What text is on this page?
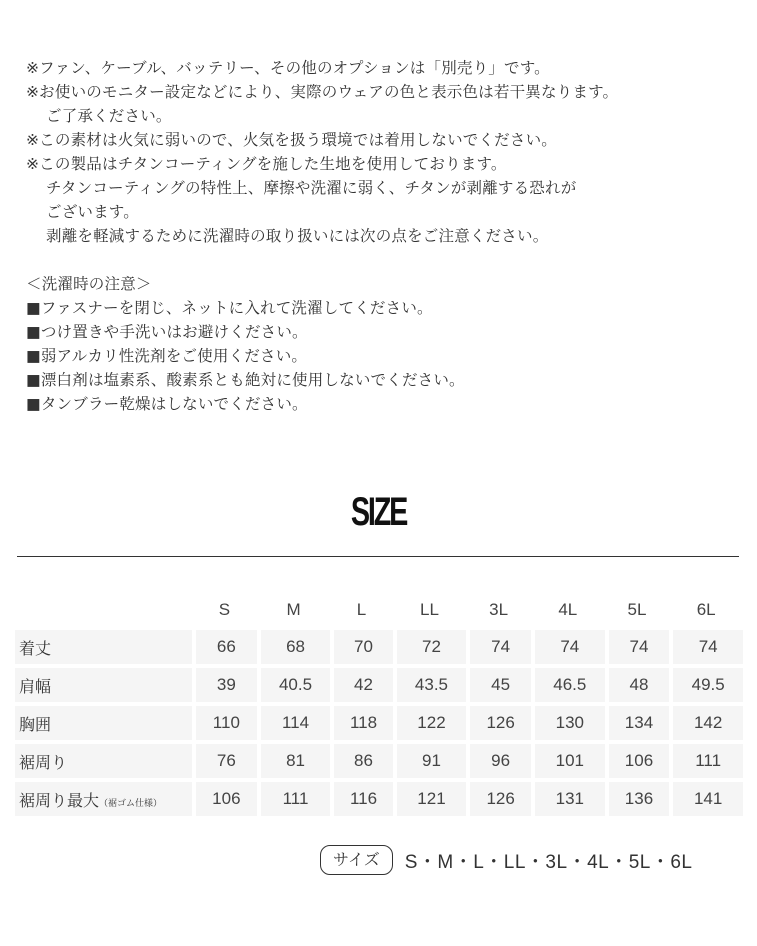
※ファン、ケーブル、バッテリー、その他のオプションは「別売り」です。
※お使いのモニター設定などにより、実際のウェアの色と表示色は若干異なります。
ご了承ください。
※この素材は火気に弱いので、火気を扱う環境では着用しないでください。
※この製品はチタンコーティングを施した生地を使用しております。
チタンコーティングの特性上、摩擦や洗濯に弱く、チタンが剥離する恐れが
ございます。
剥離を軽減するために洗濯時の取り扱いには次の点をご注意ください。
＜洗濯時の注意＞
■ファスナーを閉じ、ネットに入れて洗濯してください。
■つけ置きや手洗いはお避けください。
■弱アルカリ性洗剤をご使用ください。
■漂白剤は塩素系、酸素系とも絶対に使用しないでください。
■タンブラー乾燥はしないでください。
SIZE
	S	M	L	LL	3L	4L	5L	6L
着丈	66	68	70	72	74	74	74	74
肩幅	39	40.5	42	43.5	45	46.5	48	49.5
胸囲	110	114	118	122	126	130	134	142
裾周り	76	81	86	91	96	101	106	111
裾周り最大（裾ゴム仕様）	106	111	116	121	126	131	136	141
サイズ	S・M・L・LL・3L・4L・5L・6L
